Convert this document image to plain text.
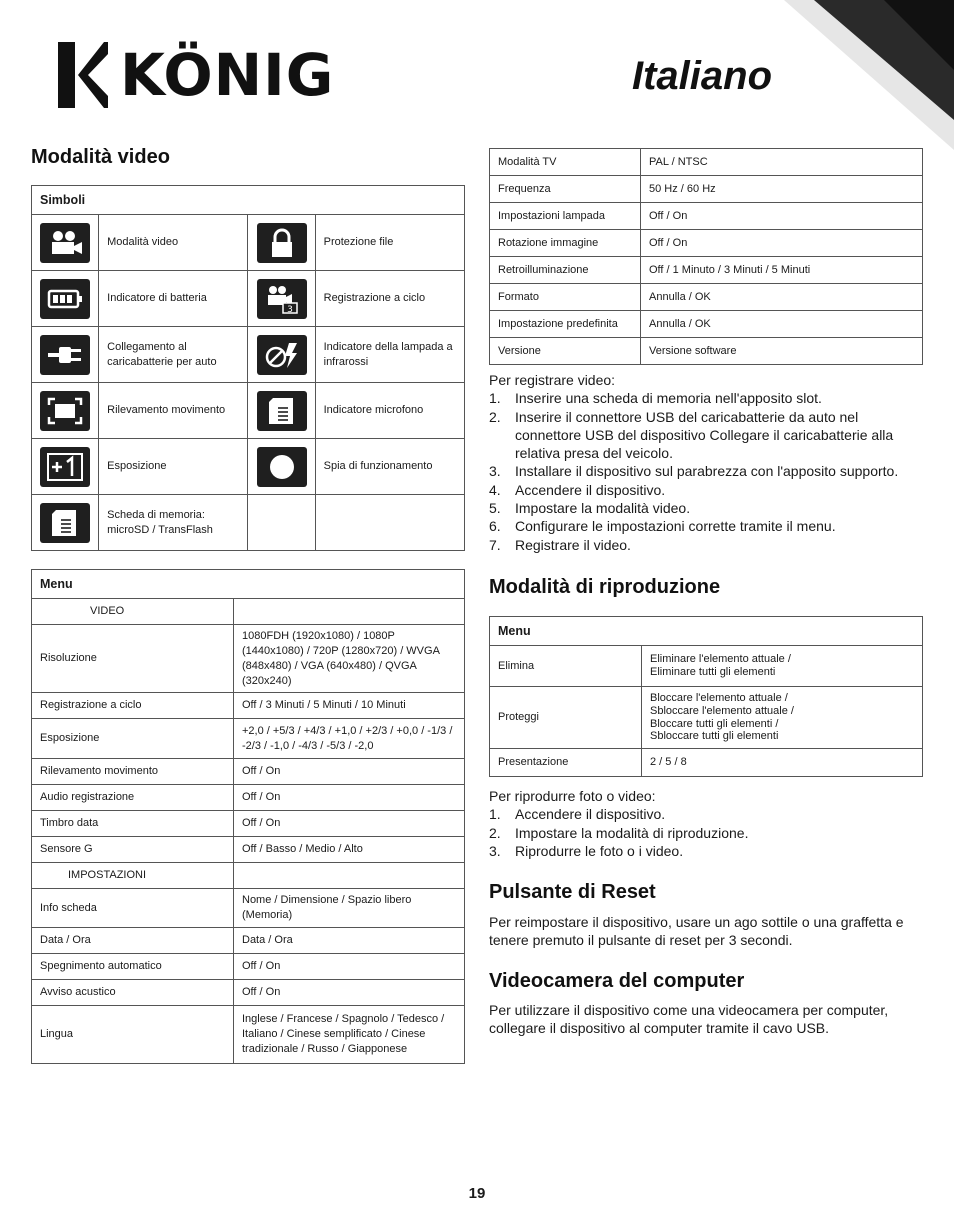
KÖNIG	Italiano
Modalità video
Simboli			

	Modalità video		Protezione file

	Indicatore di batteria	3	Registrazione a ciclo

	Collegamento al caricabatterie per auto		Indicatore della lampada a infrarossi

	Rilevamento movimento		Indicatore microfono

	Esposizione		Spia di funzionamento

	Scheda di memoria: microSD / TransFlash		
Menu	
VIDEO	
Risoluzione	1080FDH (1920x1080) / 1080P (1440x1080) / 720P (1280x720) / WVGA (848x480) / VGA (640x480) / QVGA (320x240)
Registrazione a ciclo	Off / 3 Minuti / 5 Minuti / 10 Minuti
Esposizione	+2,0 / +5/3 / +4/3 / +1,0 / +2/3 / +0,0 / -1/3 / -2/3 / -1,0 / -4/3 / -5/3 / -2,0
Rilevamento movimento	Off / On
Audio registrazione	Off / On
Timbro data	Off / On
Sensore G	Off / Basso / Medio / Alto
IMPOSTAZIONI	
Info scheda	Nome / Dimensione / Spazio libero (Memoria)
Data / Ora	Data / Ora
Spegnimento automatico	Off / On
Avviso acustico	Off / On
Lingua	Inglese / Francese / Spagnolo / Tedesco / Italiano / Cinese semplificato / Cinese tradizionale / Russo / Giapponese
Modalità TV	PAL / NTSC
Frequenza	50 Hz / 60 Hz
Impostazioni lampada	Off / On
Rotazione immagine	Off / On
Retroilluminazione	Off / 1 Minuto / 3 Minuti / 5 Minuti
Formato	Annulla / OK
Impostazione predefinita	Annulla / OK
Versione	Versione software

Per registrare video:

1.	Inserire una scheda di memoria nell'apposito slot.
2.	Inserire il connettore USB del caricabatterie da auto nel connettore USB del dispositivo Collegare il caricabatterie alla relativa presa del veicolo.
3.	Installare il dispositivo sul parabrezza con l'apposito supporto.
4.	Accendere il dispositivo.
5.	Impostare la modalità video.
6.	Configurare le impostazioni corrette tramite il menu.
7.	Registrare il video.
Modalità di riproduzione
Menu	
Elimina	Eliminare l'elemento attuale /
Eliminare tutti gli elementi

Proteggi	Bloccare l'elemento attuale /
Sbloccare l'elemento attuale /
Bloccare tutti gli elementi /
Sbloccare tutti gli elementi

Presentazione	2 / 5 / 8

Per riprodurre foto o video:

1.	Accendere il dispositivo.
2.	Impostare la modalità di riproduzione.
3.	Riprodurre le foto o i video.
Pulsante di Reset

Per reimpostare il dispositivo, usare un ago sottile o una graffetta e tenere premuto il pulsante di reset per 3 secondi.

Videocamera del computer

Per utilizzare il dispositivo come una videocamera per computer, collegare il dispositivo al computer tramite il cavo USB.

19
